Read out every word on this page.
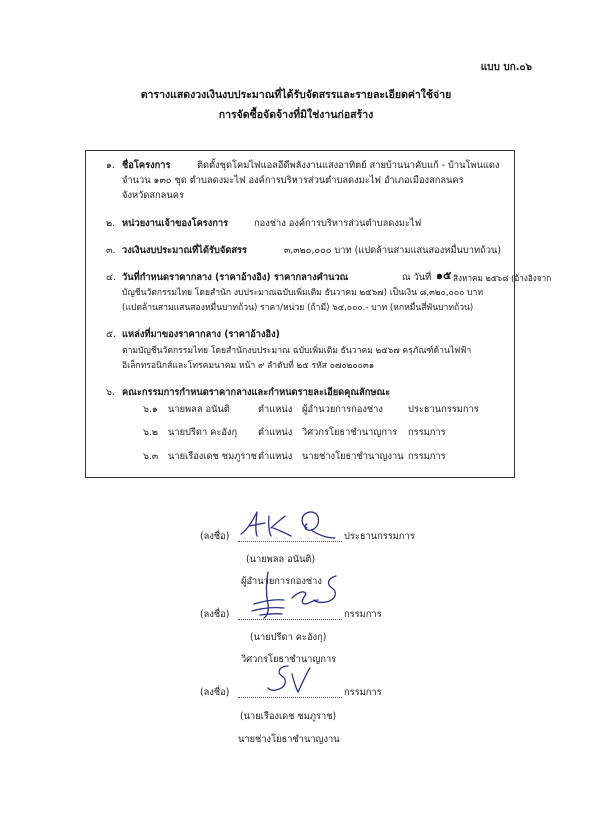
แบบ บก.๐๖
ตารางแสดงวงเงินงบประมาณที่ได้รับจัดสรรและรายละเอียดค่าใช้จ่าย
การจัดซื้อจัดจ้างที่มิใช่งานก่อสร้าง
๑. ชื่อโครงการ	ติดตั้งชุดโคมไฟแอลอีดีพลังงานแสงอาทิตย์ สายบ้านนาคับแก้ - บ้านโพนแดง
จำนวน ๑๓๐ ชุด ตำบลดงมะไฟ องค์การบริหารส่วนตำบลดงมะไฟ อำเภอเมืองสกลนคร
จังหวัดสกลนคร
๒. หน่วยงานเจ้าของโครงการ	กองช่าง องค์การบริหารส่วนตำบลดงมะไฟ
๓. วงเงินงบประมาณที่ได้รับจัดสรร	๓,๓๒๐,๐๐๐ บาท (แปดล้านสามแสนสองหมื่นบาทถ้วน)
๔. วันที่กำหนดราคากลาง (ราคาอ้างอิง) ราคากลางคำนวณ	ณ วันที่ ๑๕ สิงหาคม ๒๕๖๘ (อ้างอิงจาก
บัญชีนวัตกรรมไทย โดยสำนัก งบประมาณฉบับเพิ่มเติม ธันวาคม ๒๕๖๗) เป็นเงิน ๘,๓๒๐,๐๐๐ บาท
(แปดล้านสามแสนสองหมื่นบาทถ้วน) ราคา/หน่วย (ถ้ามี) ๖๔,๐๐๐.- บาท (หกหมื่นสี่พันบาทถ้วน)
๕. แหล่งที่มาของราคากลาง (ราคาอ้างอิง)
ตามบัญชีนวัตกรรมไทย โดยสำนักงบประมาณ ฉบับเพิ่มเติม ธันวาคม ๒๕๖๗ ครุภัณฑ์ด้านไฟฟ้า
อิเล็กทรอนิกส์และโทรคมนาคม หน้า ๙ ลำดับที่ ๒๕ รหัส ๐๗๐๒๐๐๓๑
๖. คณะกรรมการกำหนดราคากลางและกำหนดรายละเอียดคุณลักษณะ
๖.๑ นายพลล อนันติ	ตำแหน่ง ผู้อำนวยการกองช่าง	ประธานกรรมการ
๖.๒ นายปรีดา คะอังกุ ตำแหน่ง วิศวกรโยธาชำนาญการ กรรมการ
๖.๓ นายเรืองเดช ชมภูราช ตำแหน่ง นายช่างโยธาชำนาญงาน กรรมการ
(ลงชื่อ)	ประธานกรรมการ
(นายพลล อนันติ)
ผู้อำนวยการกองช่าง
(ลงชื่อ)	กรรมการ
(นายปรีดา คะอังกุ)
วิศวกรโยธาชำนาญการ
(ลงชื่อ)	กรรมการ
(นายเรืองเดช ชมภูราช)
นายช่างโยธาชำนาญงาน
